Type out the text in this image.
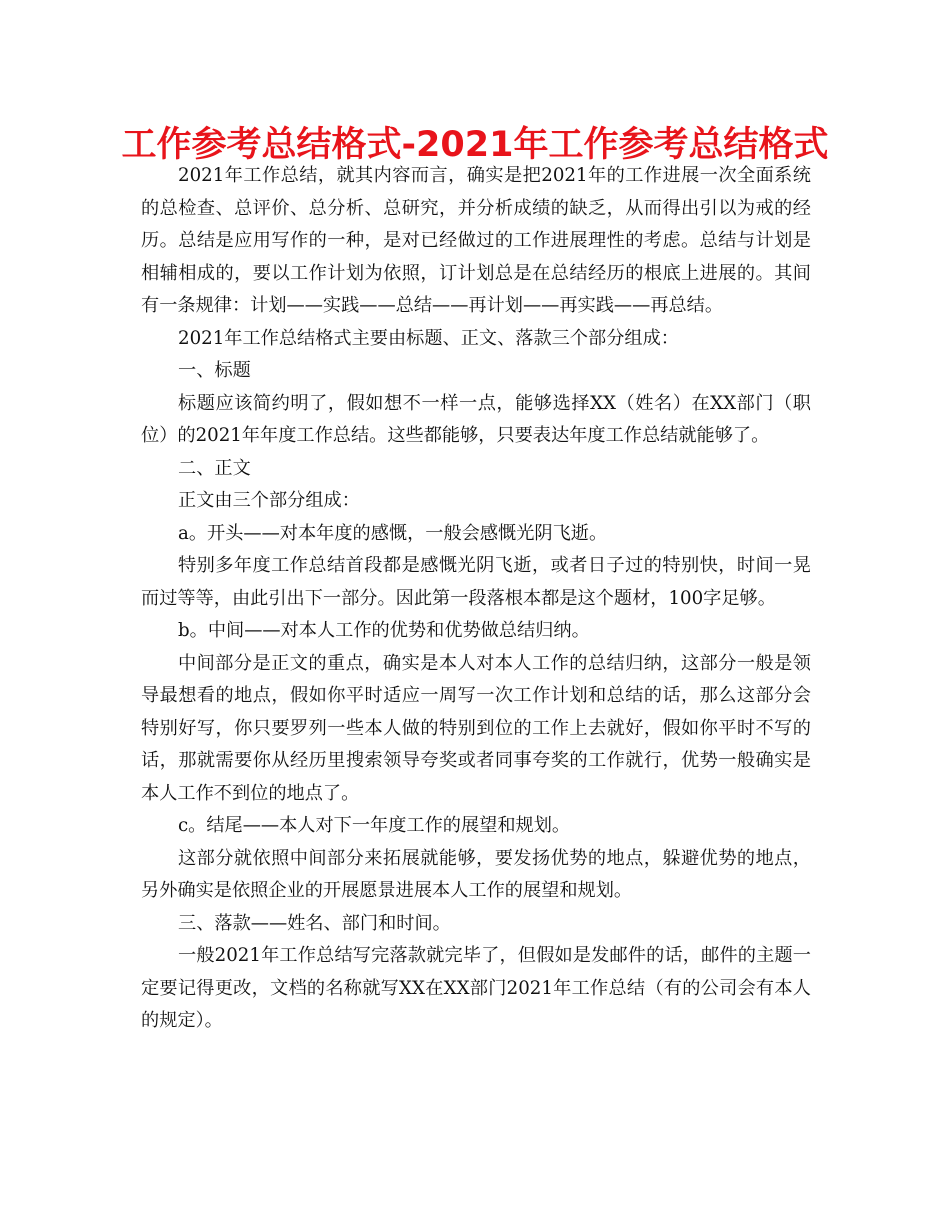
工作参考总结格式-2021年工作参考总结格式

2021年工作总结，就其内容而言，确实是把2021年的工作进展一次全面系统的总检查、总评价、总分析、总研究，并分析成绩的缺乏，从而得出引以为戒的经历。总结是应用写作的一种，是对已经做过的工作进展理性的考虑。总结与计划是相辅相成的，要以工作计划为依照，订计划总是在总结经历的根底上进展的。其间有一条规律：计划——实践——总结——再计划——再实践——再总结。

2021年工作总结格式主要由标题、正文、落款三个部分组成：

一、标题

标题应该简约明了，假如想不一样一点，能够选择XX（姓名）在XX部门（职位）的2021年年度工作总结。这些都能够，只要表达年度工作总结就能够了。

二、正文

正文由三个部分组成：

a。开头——对本年度的感慨，一般会感慨光阴飞逝。

特别多年度工作总结首段都是感慨光阴飞逝，或者日子过的特别快，时间一晃而过等等，由此引出下一部分。因此第一段落根本都是这个题材，100字足够。

b。中间——对本人工作的优势和优势做总结归纳。

中间部分是正文的重点，确实是本人对本人工作的总结归纳，这部分一般是领导最想看的地点，假如你平时适应一周写一次工作计划和总结的话，那么这部分会特别好写，你只要罗列一些本人做的特别到位的工作上去就好，假如你平时不写的话，那就需要你从经历里搜索领导夸奖或者同事夸奖的工作就行，优势一般确实是本人工作不到位的地点了。

c。结尾——本人对下一年度工作的展望和规划。

这部分就依照中间部分来拓展就能够，要发扬优势的地点，躲避优势的地点，另外确实是依照企业的开展愿景进展本人工作的展望和规划。

三、落款——姓名、部门和时间。

一般2021年工作总结写完落款就完毕了，但假如是发邮件的话，邮件的主题一定要记得更改，文档的名称就写XX在XX部门2021年工作总结（有的公司会有本人的规定）。
